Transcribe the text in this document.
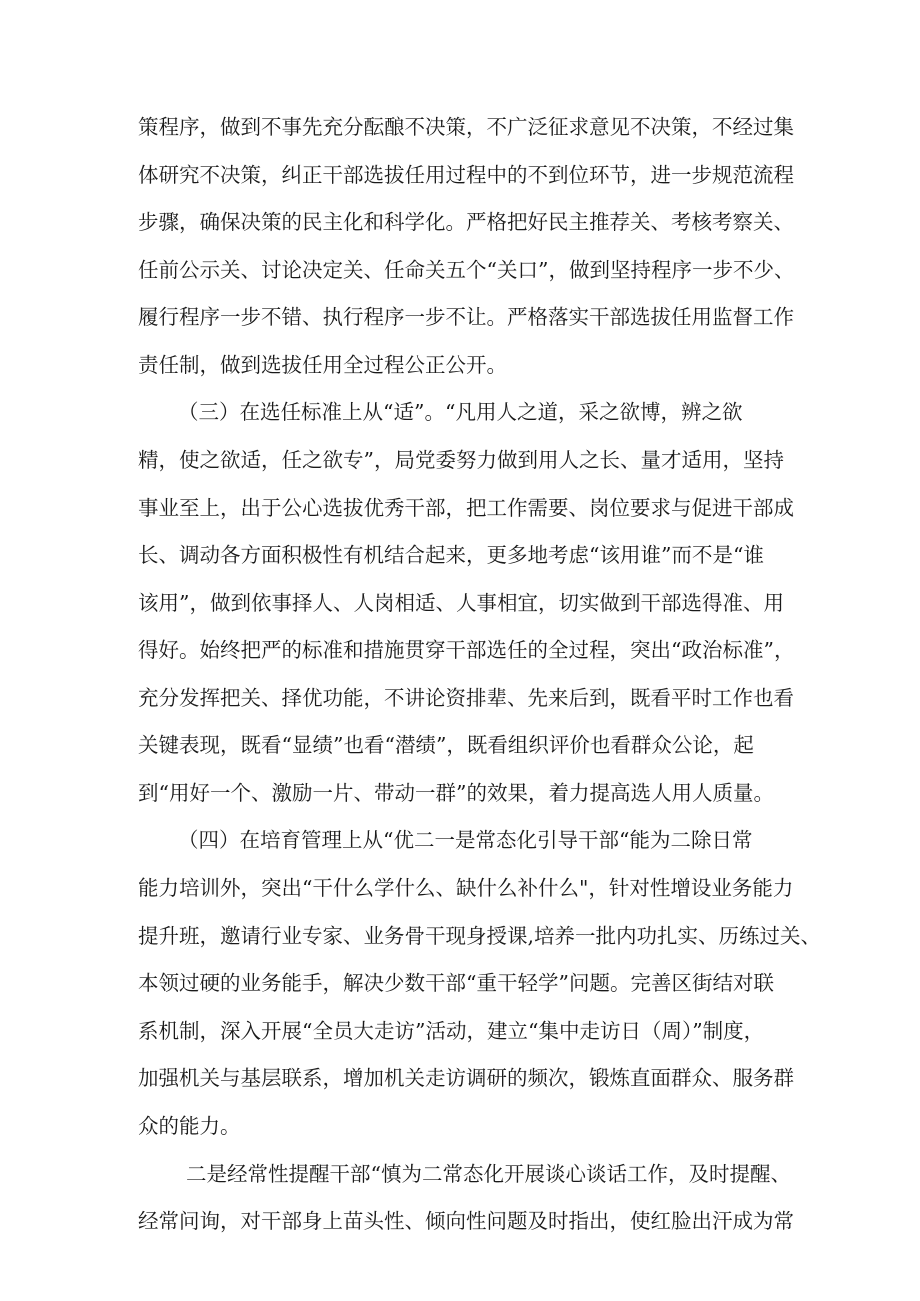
策程序，做到不事先充分酝酿不决策，不广泛征求意见不决策，不经过集
体研究不决策，纠正干部选拔任用过程中的不到位环节，进一步规范流程
步骤，确保决策的民主化和科学化。严格把好民主推荐关、考核考察关、
任前公示关、讨论决定关、任命关五个“关口”，做到坚持程序一步不少、
履行程序一步不错、执行程序一步不让。严格落实干部选拔任用监督工作
责任制，做到选拔任用全过程公正公开。
（三）在选任标准上从“适”。“凡用人之道，采之欲博，辨之欲
精，使之欲适，任之欲专”，局党委努力做到用人之长、量才适用，坚持
事业至上，出于公心选拔优秀干部，把工作需要、岗位要求与促进干部成
长、调动各方面积极性有机结合起来，更多地考虑“该用谁”而不是“谁
该用”，做到依事择人、人岗相适、人事相宜，切实做到干部选得准、用
得好。始终把严的标准和措施贯穿干部选任的全过程，突出“政治标准”，
充分发挥把关、择优功能，不讲论资排辈、先来后到，既看平时工作也看
关键表现，既看“显绩”也看“潜绩”，既看组织评价也看群众公论，起
到“用好一个、激励一片、带动一群”的效果，着力提高选人用人质量。
（四）在培育管理上从“优二一是常态化引导干部“能为二除日常
能力培训外，突出“干什么学什么、缺什么补什么"，针对性增设业务能力
提升班，邀请行业专家、业务骨干现身授课,培养一批内功扎实、历练过关、
本领过硬的业务能手，解决少数干部“重干轻学”问题。完善区街结对联
系机制，深入开展“全员大走访”活动，建立“集中走访日（周）”制度，
加强机关与基层联系，增加机关走访调研的频次，锻炼直面群众、服务群
众的能力。
二是经常性提醒干部“慎为二常态化开展谈心谈话工作，及时提醒、
经常问询，对干部身上苗头性、倾向性问题及时指出，使红脸出汗成为常
